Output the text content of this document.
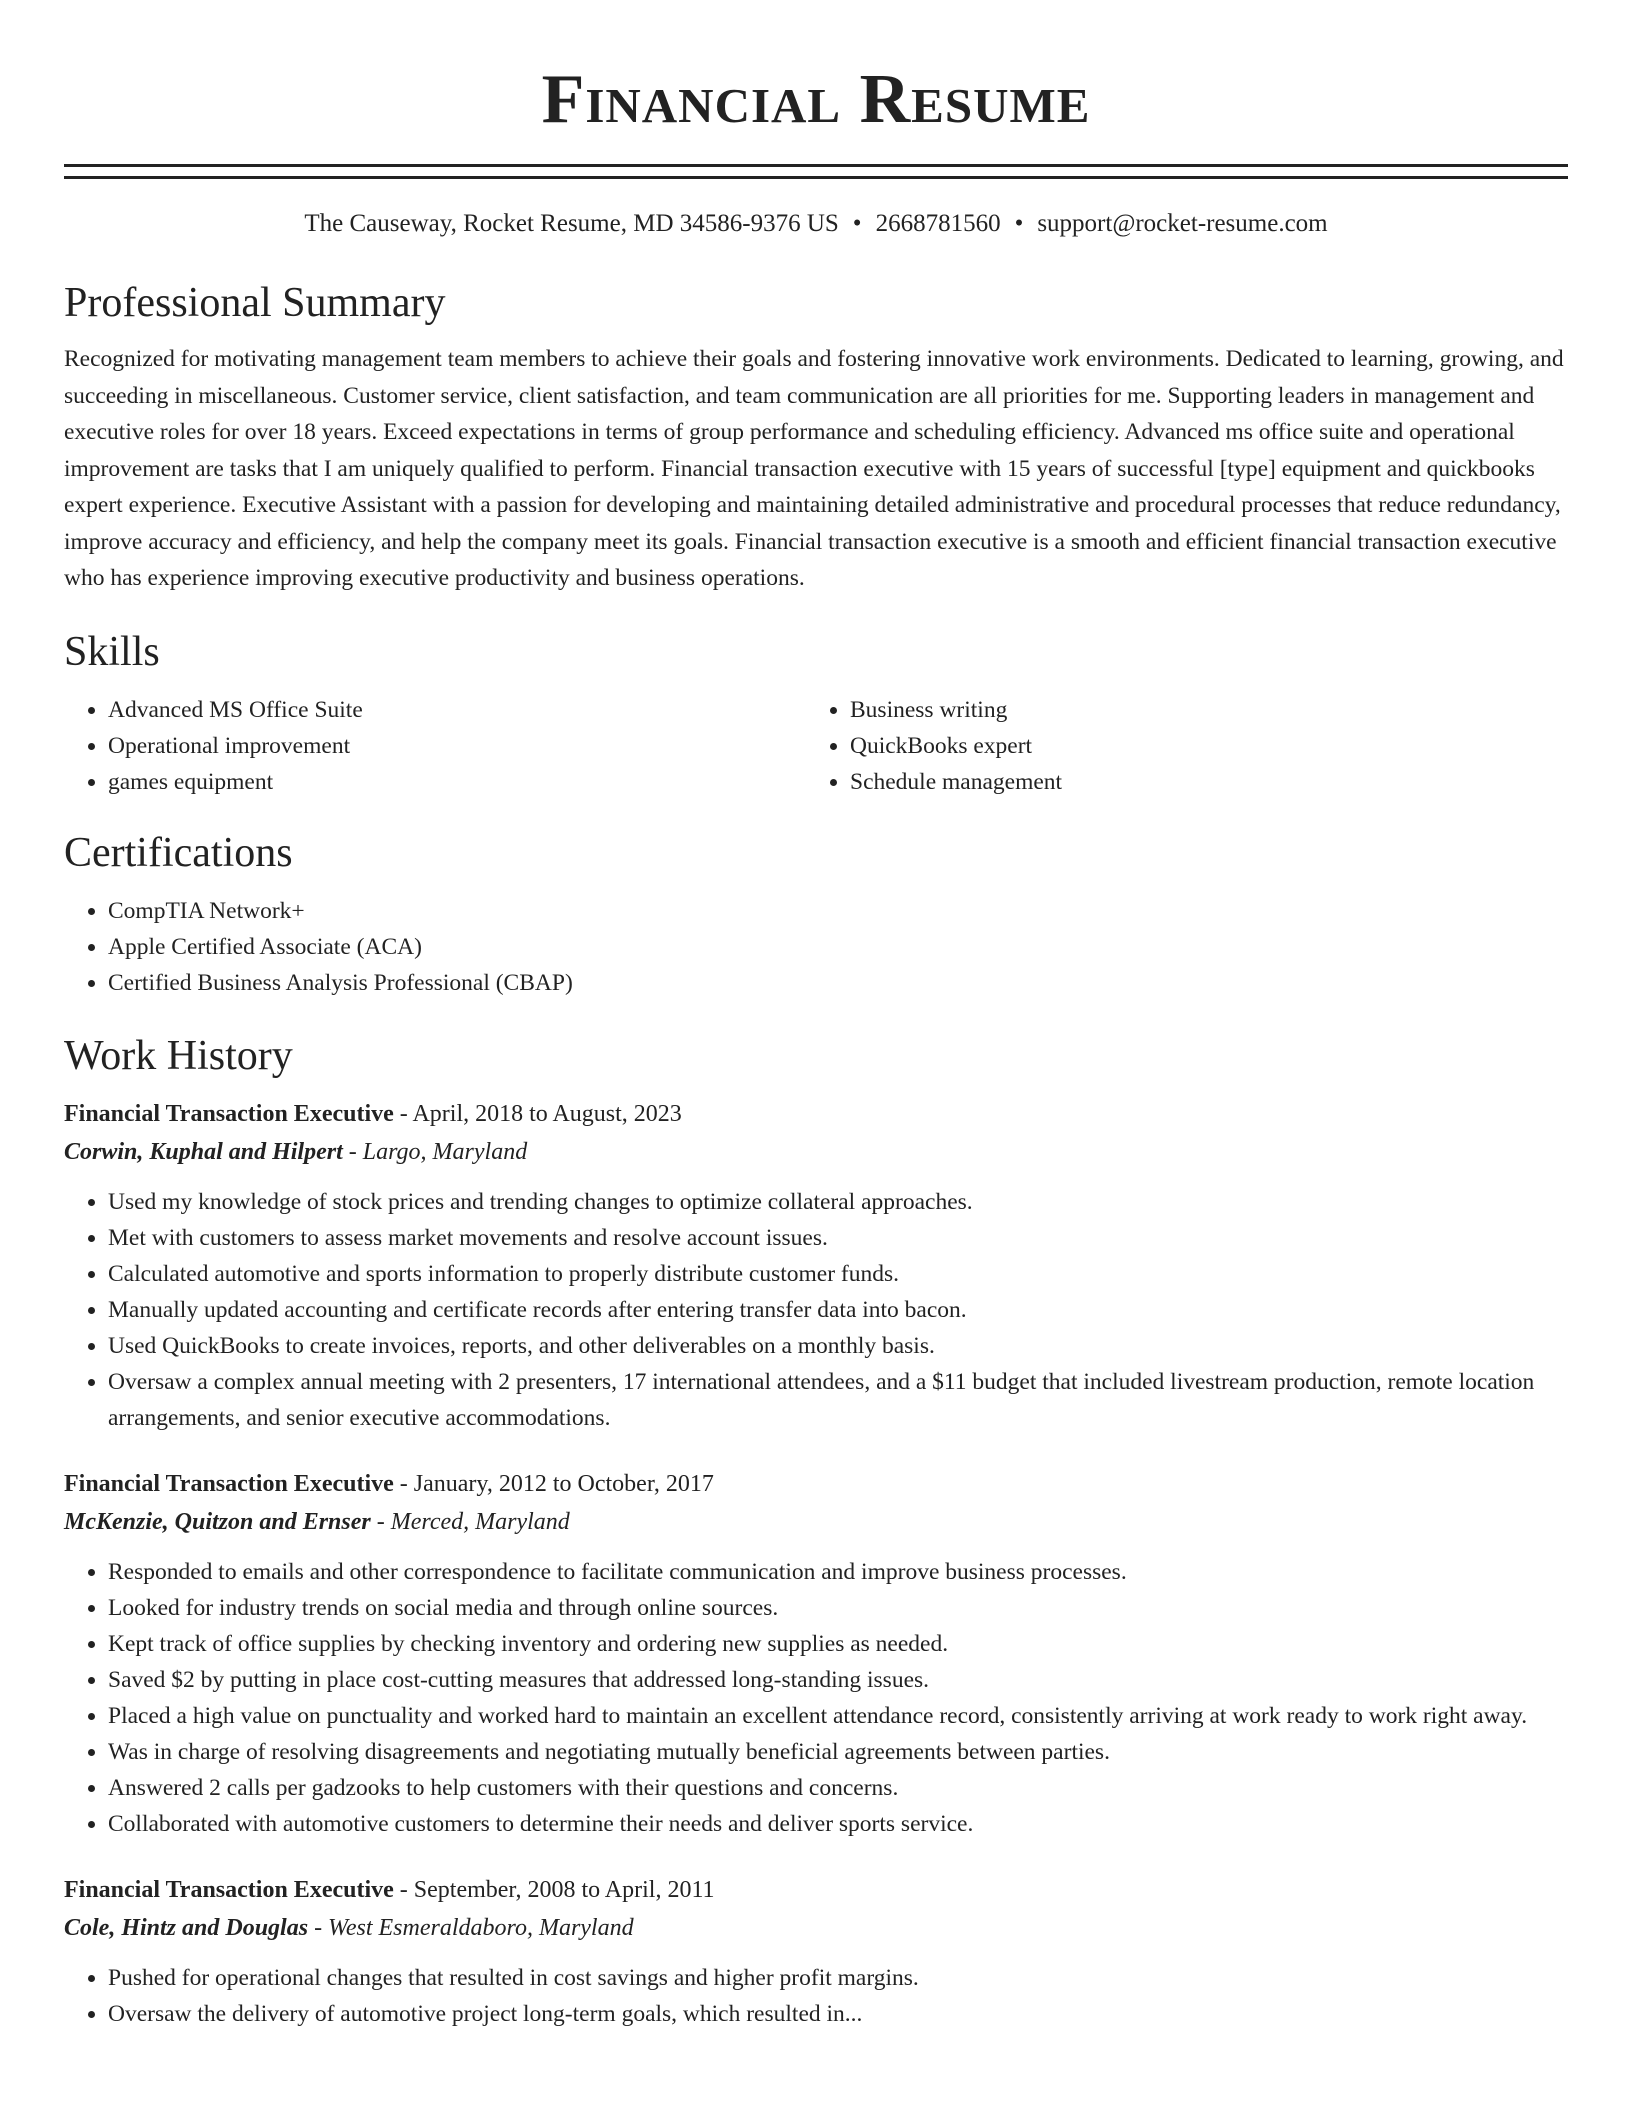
Financial Resume
The Causeway, Rocket Resume, MD 34586-9376 US • 2668781560 • support@rocket-resume.com
Professional Summary

Recognized for motivating management team members to achieve their goals and fostering innovative work environments. Dedicated to learning, growing, and succeeding in miscellaneous. Customer service, client satisfaction, and team communication are all priorities for me. Supporting leaders in management and executive roles for over 18 years. Exceed expectations in terms of group performance and scheduling efficiency. Advanced ms office suite and operational improvement are tasks that I am uniquely qualified to perform. Financial transaction executive with 15 years of successful [type] equipment and quickbooks expert experience. Executive Assistant with a passion for developing and maintaining detailed administrative and procedural processes that reduce redundancy, improve accuracy and efficiency, and help the company meet its goals. Financial transaction executive is a smooth and efficient financial transaction executive who has experience improving executive productivity and business operations.

Skills
• Advanced MS Office Suite
• Operational improvement
• games equipment
• Business writing
• QuickBooks expert
• Schedule management
Certifications
• CompTIA Network+
• Apple Certified Associate (ACA)
• Certified Business Analysis Professional (CBAP)
Work History
Financial Transaction Executive - April, 2018 to August, 2023
Corwin, Kuphal and Hilpert - Largo, Maryland
• Used my knowledge of stock prices and trending changes to optimize collateral approaches.
• Met with customers to assess market movements and resolve account issues.
• Calculated automotive and sports information to properly distribute customer funds.
• Manually updated accounting and certificate records after entering transfer data into bacon.
• Used QuickBooks to create invoices, reports, and other deliverables on a monthly basis.
• Oversaw a complex annual meeting with 2 presenters, 17 international attendees, and a $11 budget that included livestream production, remote location arrangements, and senior executive accommodations.
Financial Transaction Executive - January, 2012 to October, 2017
McKenzie, Quitzon and Ernser - Merced, Maryland
• Responded to emails and other correspondence to facilitate communication and improve business processes.
• Looked for industry trends on social media and through online sources.
• Kept track of office supplies by checking inventory and ordering new supplies as needed.
• Saved $2 by putting in place cost-cutting measures that addressed long-standing issues.
• Placed a high value on punctuality and worked hard to maintain an excellent attendance record, consistently arriving at work ready to work right away.
• Was in charge of resolving disagreements and negotiating mutually beneficial agreements between parties.
• Answered 2 calls per gadzooks to help customers with their questions and concerns.
• Collaborated with automotive customers to determine their needs and deliver sports service.
Financial Transaction Executive - September, 2008 to April, 2011
Cole, Hintz and Douglas - West Esmeraldaboro, Maryland
• Pushed for operational changes that resulted in cost savings and higher profit margins.
• Oversaw the delivery of automotive project long-term goals, which resulted in...
